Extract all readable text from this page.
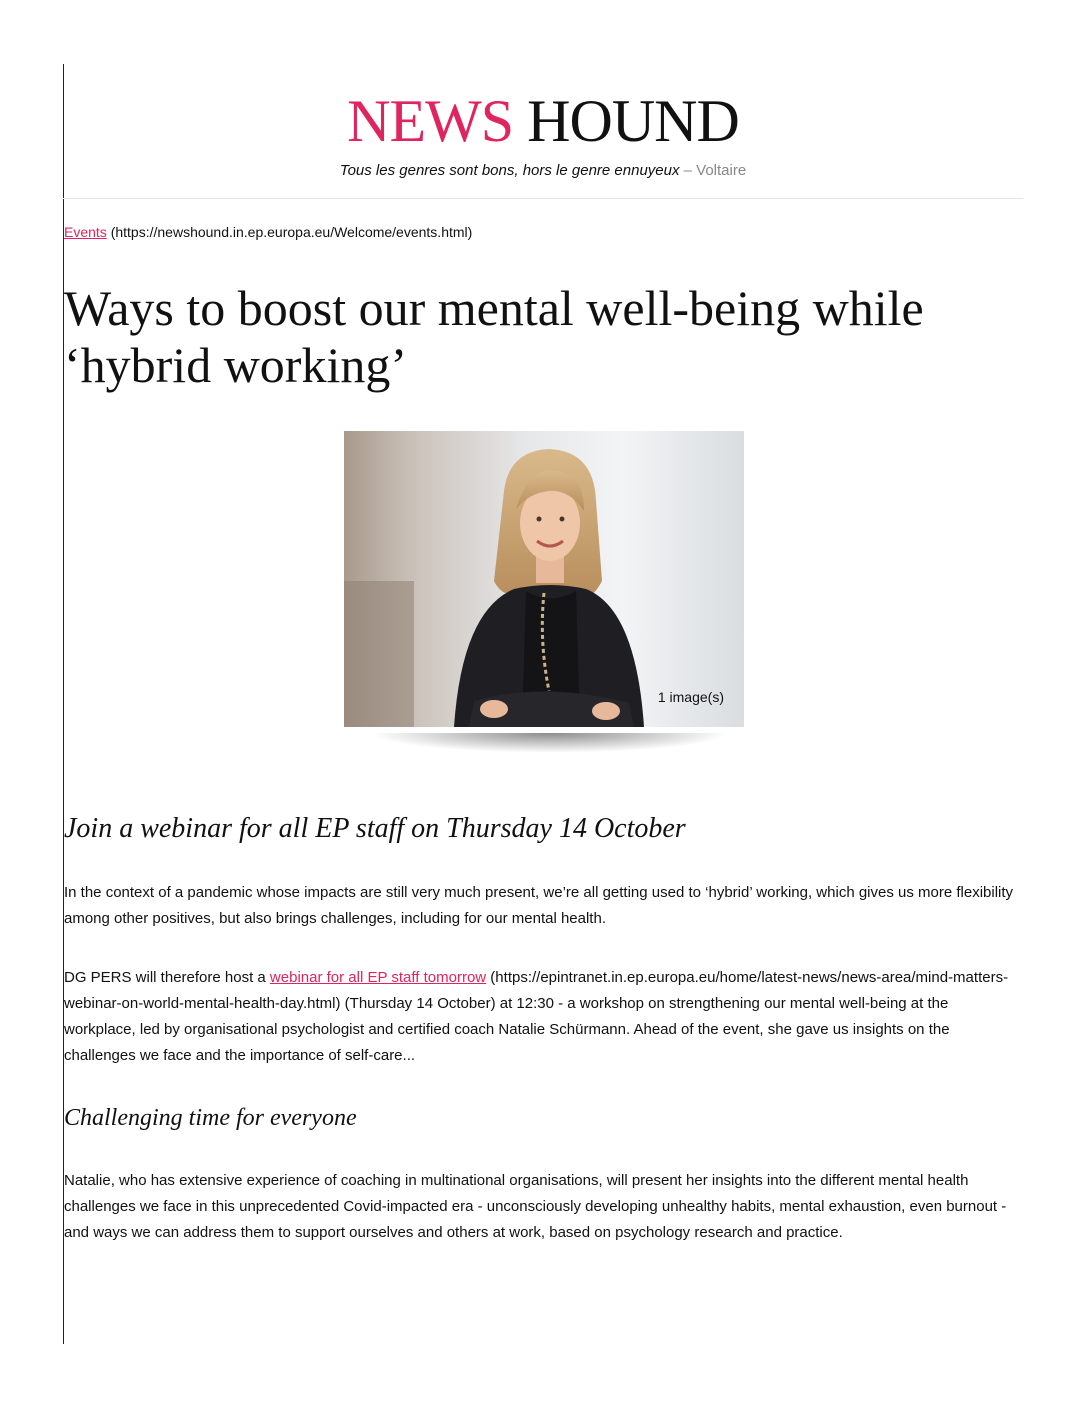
NEWS HOUND
Tous les genres sont bons, hors le genre ennuyeux – Voltaire
Events (https://newshound.in.ep.europa.eu/Welcome/events.html)
Ways to boost our mental well-being while
‘hybrid working’
1 image(s)
Join a webinar for all EP staff on Thursday 14 October

In the context of a pandemic whose impacts are still very much present, we’re all getting used to ‘hybrid’ working, which gives us more flexibility among other positives, but also brings challenges, including for our mental health.

DG PERS will therefore host a webinar for all EP staff tomorrow (https://epintranet.in.ep.europa.eu/home/latest-news/news-area/mind-matters-webinar-on-world-mental-health-day.html) (Thursday 14 October) at 12:30 - a workshop on strengthening our mental well-being at the workplace, led by organisational psychologist and certified coach Natalie Schürmann. Ahead of the event, she gave us insights on the challenges we face and the importance of self-care...

Challenging time for everyone

Natalie, who has extensive experience of coaching in multinational organisations, will present her insights into the different mental health challenges we face in this unprecedented Covid-impacted era - unconsciously developing unhealthy habits, mental exhaustion, even burnout - and ways we can address them to support ourselves and others at work, based on psychology research and practice.
